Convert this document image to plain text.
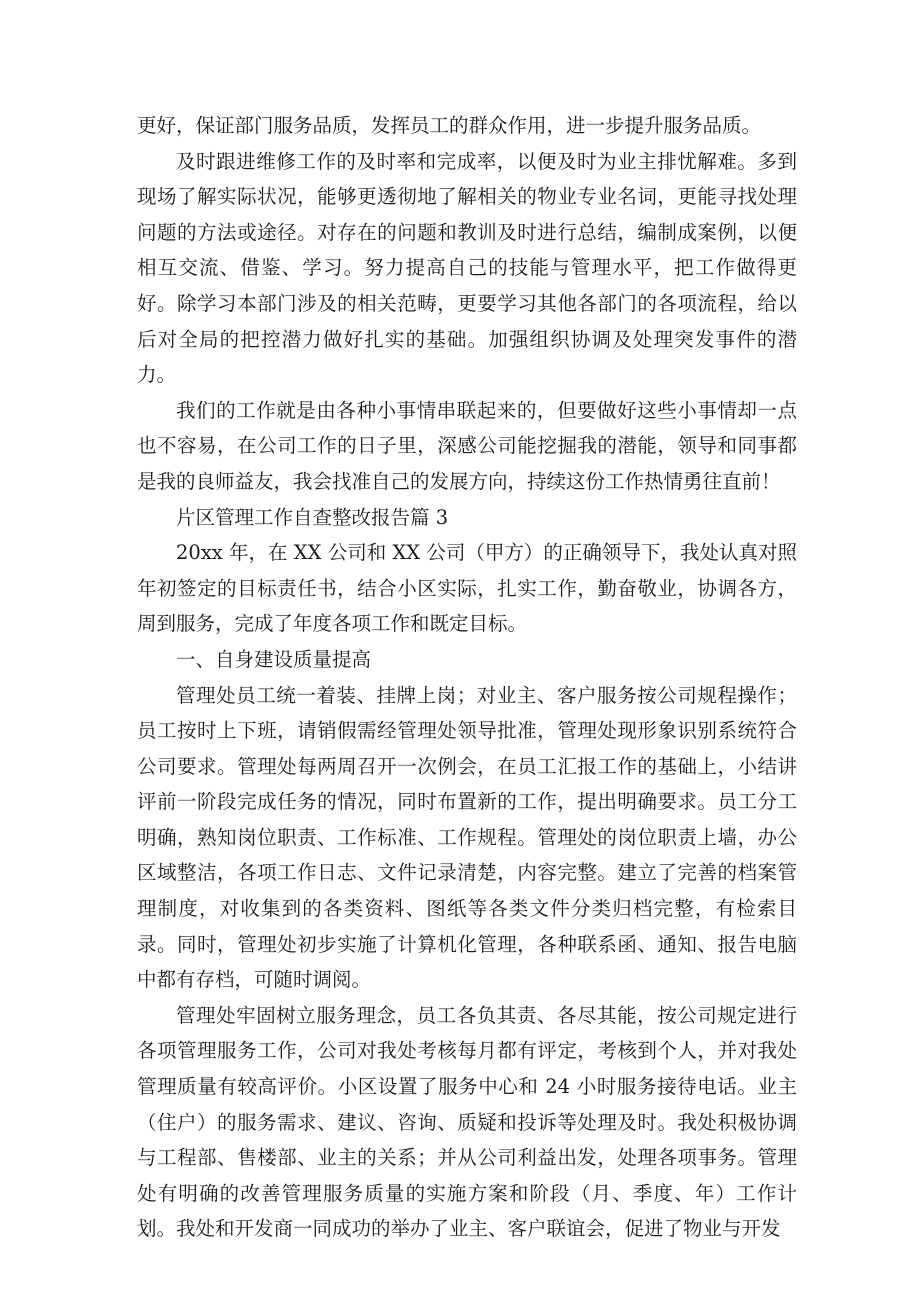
更好，保证部门服务品质，发挥员工的群众作用，进一步提升服务品质。

及时跟进维修工作的及时率和完成率，以便及时为业主排忧解难。多到现场了解实际状况，能够更透彻地了解相关的物业专业名词，更能寻找处理问题的方法或途径。对存在的问题和教训及时进行总结，编制成案例，以便相互交流、借鉴、学习。努力提高自己的技能与管理水平，把工作做得更好。除学习本部门涉及的相关范畴，更要学习其他各部门的各项流程，给以后对全局的把控潜力做好扎实的基础。加强组织协调及处理突发事件的潜力。

我们的工作就是由各种小事情串联起来的，但要做好这些小事情却一点也不容易，在公司工作的日子里，深感公司能挖掘我的潜能，领导和同事都是我的良师益友，我会找准自己的发展方向，持续这份工作热情勇往直前！

片区管理工作自查整改报告篇 3

20xx 年，在 XX 公司和 XX 公司（甲方）的正确领导下，我处认真对照年初签定的目标责任书，结合小区实际，扎实工作，勤奋敬业，协调各方，周到服务，完成了年度各项工作和既定目标。

一、自身建设质量提高

管理处员工统一着装、挂牌上岗；对业主、客户服务按公司规程操作；员工按时上下班，请销假需经管理处领导批准，管理处现形象识别系统符合公司要求。管理处每两周召开一次例会，在员工汇报工作的基础上，小结讲评前一阶段完成任务的情况，同时布置新的工作，提出明确要求。员工分工明确，熟知岗位职责、工作标准、工作规程。管理处的岗位职责上墙，办公区域整洁，各项工作日志、文件记录清楚，内容完整。建立了完善的档案管理制度，对收集到的各类资料、图纸等各类文件分类归档完整，有检索目录。同时，管理处初步实施了计算机化管理，各种联系函、通知、报告电脑中都有存档，可随时调阅。

管理处牢固树立服务理念，员工各负其责、各尽其能，按公司规定进行各项管理服务工作，公司对我处考核每月都有评定，考核到个人，并对我处管理质量有较高评价。小区设置了服务中心和 24 小时服务接待电话。业主（住户）的服务需求、建议、咨询、质疑和投诉等处理及时。我处积极协调与工程部、售楼部、业主的关系；并从公司利益出发，处理各项事务。管理处有明确的改善管理服务质量的实施方案和阶段（月、季度、年）工作计划。我处和开发商一同成功的举办了业主、客户联谊会，促进了物业与开发
